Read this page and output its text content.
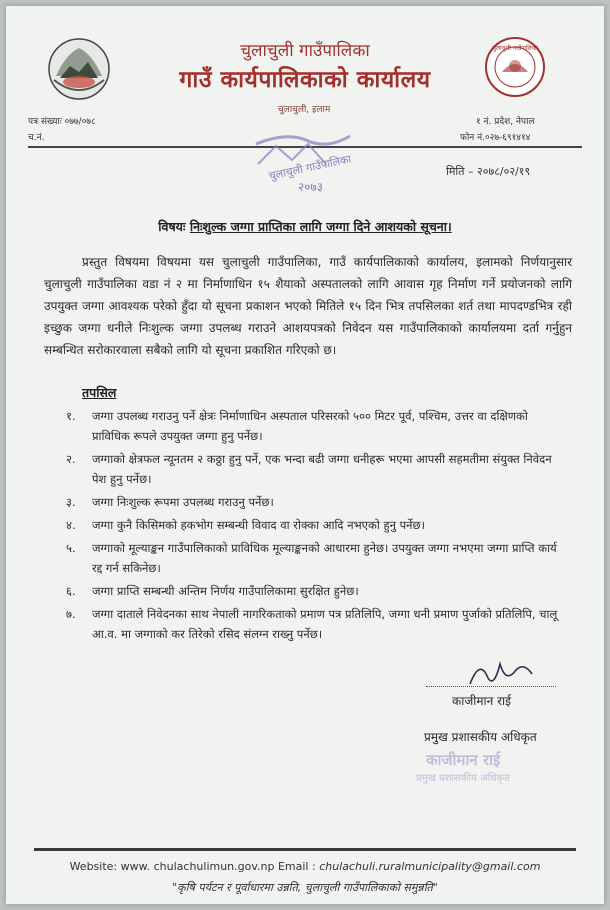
चुलाचुली गाउँपालिका
गाउँ कार्यपालिकाको कार्यालय
चुलाचुली गाउँपालिका
चुलाचुली, इलाम
पत्र संख्याः ०७७/०७८
च.नं.
१ नं. प्रदेश, नेपाल
फोन नं.०२७-६९१४१४
चुलाचुली गाउँपालिका
२०७३
मिति – २०७८/०२/१९
विषयः निःशुल्क जग्गा प्राप्तिका लागि जग्गा दिने आशयको सूचना।
प्रस्तुत विषयमा विषयमा यस चुलाचुली गाउँपालिका, गाउँ कार्यपालिकाको कार्यालय, इलामको निर्णयानुसार चुलाचुली गाउँपालिका वडा नं २ मा निर्माणाधिन १५ शैयाको अस्पतालको लागि आवास गृह निर्माण गर्ने प्रयोजनको लागि उपयुक्त जग्गा आवश्यक परेको हुँदा यो सूचना प्रकाशन भएको मितिले १५ दिन भित्र तपसिलका शर्त तथा मापदण्डभित्र रही इच्छुक जग्गा धनीले निःशुल्क जग्गा उपलब्ध गराउने आशयपत्रको निवेदन यस गाउँपालिकाको कार्यालयमा दर्ता गर्नुहुन सम्बन्धित सरोकारवाला सबैको लागि यो सूचना प्रकाशित गरिएको छ।
तपसिल
१.	जग्गा उपलब्ध गराउनु पर्ने क्षेत्रः निर्माणाधिन अस्पताल परिसरको ५०० मिटर पूर्व, पश्चिम, उत्तर वा दक्षिणको प्राविधिक रूपले उपयुक्त जग्गा हुनु पर्नेछ।
२.	जग्गाको क्षेत्रफल न्यूनतम २ कठ्ठा हुनु पर्ने, एक भन्दा बढी जग्गा धनीहरू भएमा आपसी सहमतीमा संयुक्त निवेदन पेश हुनु पर्नेछ।
३.	जग्गा निःशुल्क रूपमा उपलब्ध गराउनु पर्नेछ।
४.	जग्गा कुनै किसिमको हकभोग सम्बन्धी विवाद वा रोक्का आदि नभएको हुनु पर्नेछ।
५.	जग्गाको मूल्याङ्कन गाउँपालिकाको प्राविधिक मूल्याङ्कनको आधारमा हुनेछ। उपयुक्त जग्गा नभएमा जग्गा प्राप्ति कार्य रद्द गर्न सकिनेछ।
६.	जग्गा प्राप्ति सम्बन्धी अन्तिम निर्णय गाउँपालिकामा सुरक्षित हुनेछ।
७.	जग्गा दाताले निवेदनका साथ नेपाली नागरिकताको प्रमाण पत्र प्रतिलिपि, जग्गा धनी प्रमाण पुर्जाको प्रतिलिपि, चालू आ.व. मा जग्गाको कर तिरेको रसिद संलग्न राख्नु पर्नेछ।
काजीमान राई
प्रमुख प्रशासकीय अधिकृत
काजीमान राई
प्रमुख प्रशासकीय अधिकृत
Website: www. chulachulimun.gov.np Email : chulachuli.ruralmunicipality@gmail.com
"कृषि पर्यटन र पूर्वाधारमा उन्नति, चुलाचुली गाउँपालिकाको समुन्नति"
